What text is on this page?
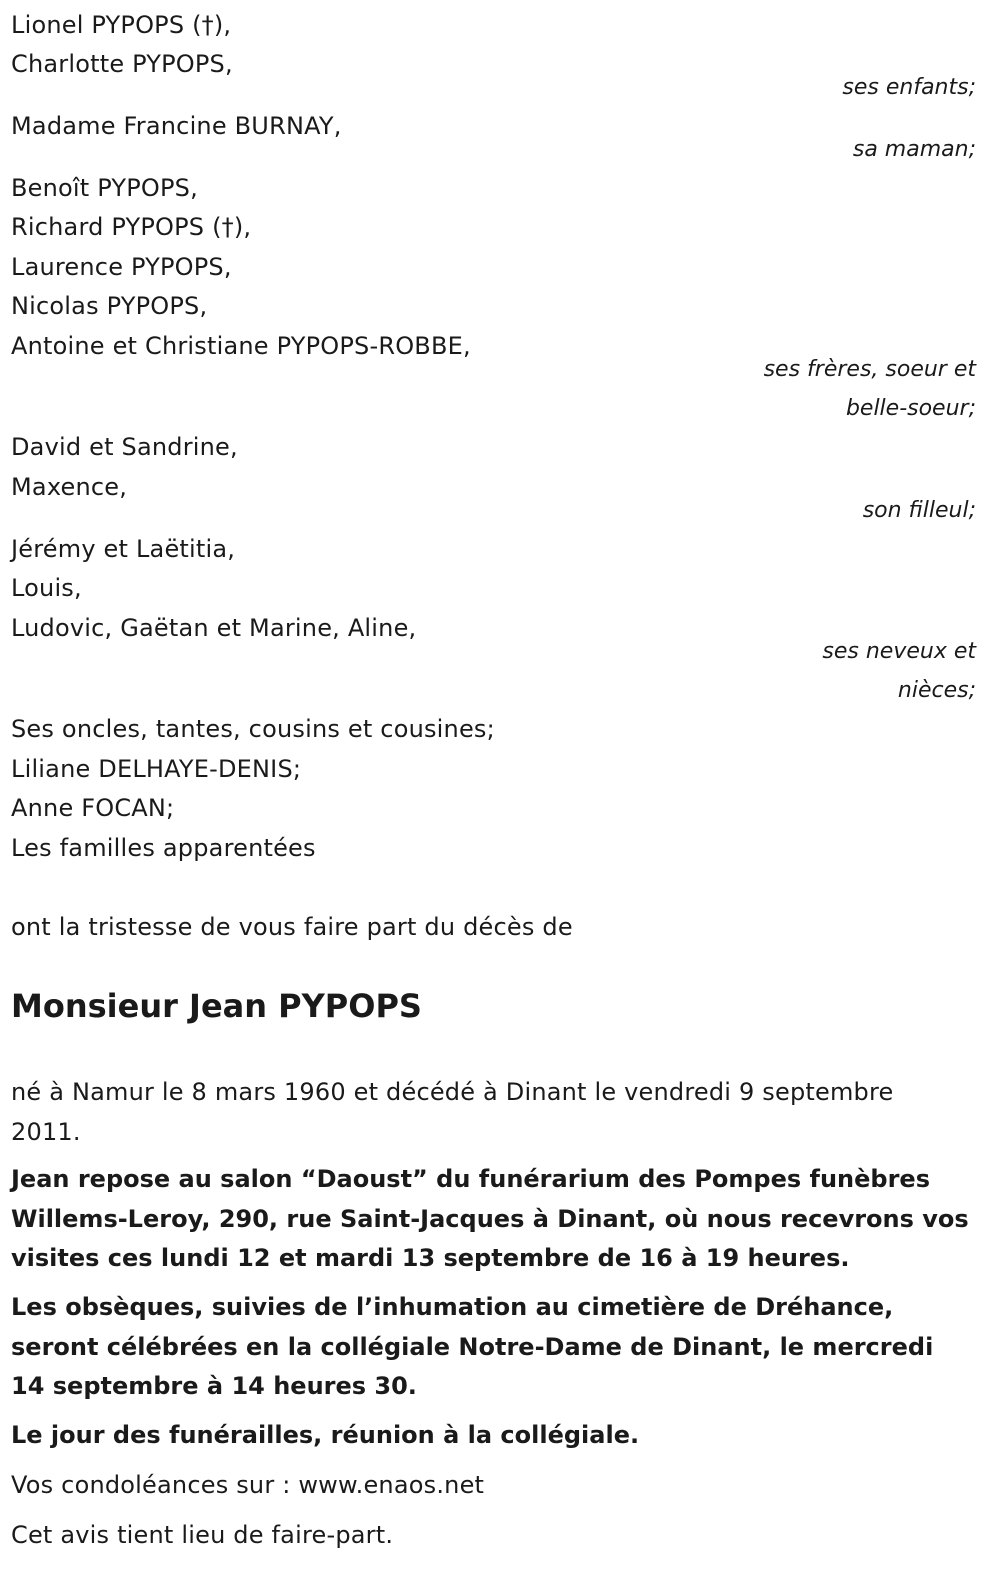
Lionel PYPOPS (†),
Charlotte PYPOPS,
ses enfants;
Madame Francine BURNAY,
sa maman;
Benoît PYPOPS,
Richard PYPOPS (†),
Laurence PYPOPS,
Nicolas PYPOPS,
Antoine et Christiane PYPOPS-ROBBE,
ses frères, soeur et
belle-soeur;
David et Sandrine,
Maxence,
son filleul;
Jérémy et Laëtitia,
Louis,
Ludovic, Gaëtan et Marine, Aline,
ses neveux et
nièces;
Ses oncles, tantes, cousins et cousines;
Liliane DELHAYE-DENIS;
Anne FOCAN;
Les familles apparentées
ont la tristesse de vous faire part du décès de
Monsieur Jean PYPOPS
né à Namur le 8 mars 1960 et décédé à Dinant le vendredi 9 septembre 2011.
Jean repose au salon “Daoust” du funérarium des Pompes funèbres Willems-Leroy, 290, rue Saint-Jacques à Dinant, où nous recevrons vos visites ces lundi 12 et mardi 13 septembre de 16 à 19 heures.
Les obsèques, suivies de l’inhumation au cimetière de Dréhance, seront célébrées en la collégiale Notre-Dame de Dinant, le mercredi 14 septembre à 14 heures 30.
Le jour des funérailles, réunion à la collégiale.
Vos condoléances sur : www.enaos.net
Cet avis tient lieu de faire-part.
